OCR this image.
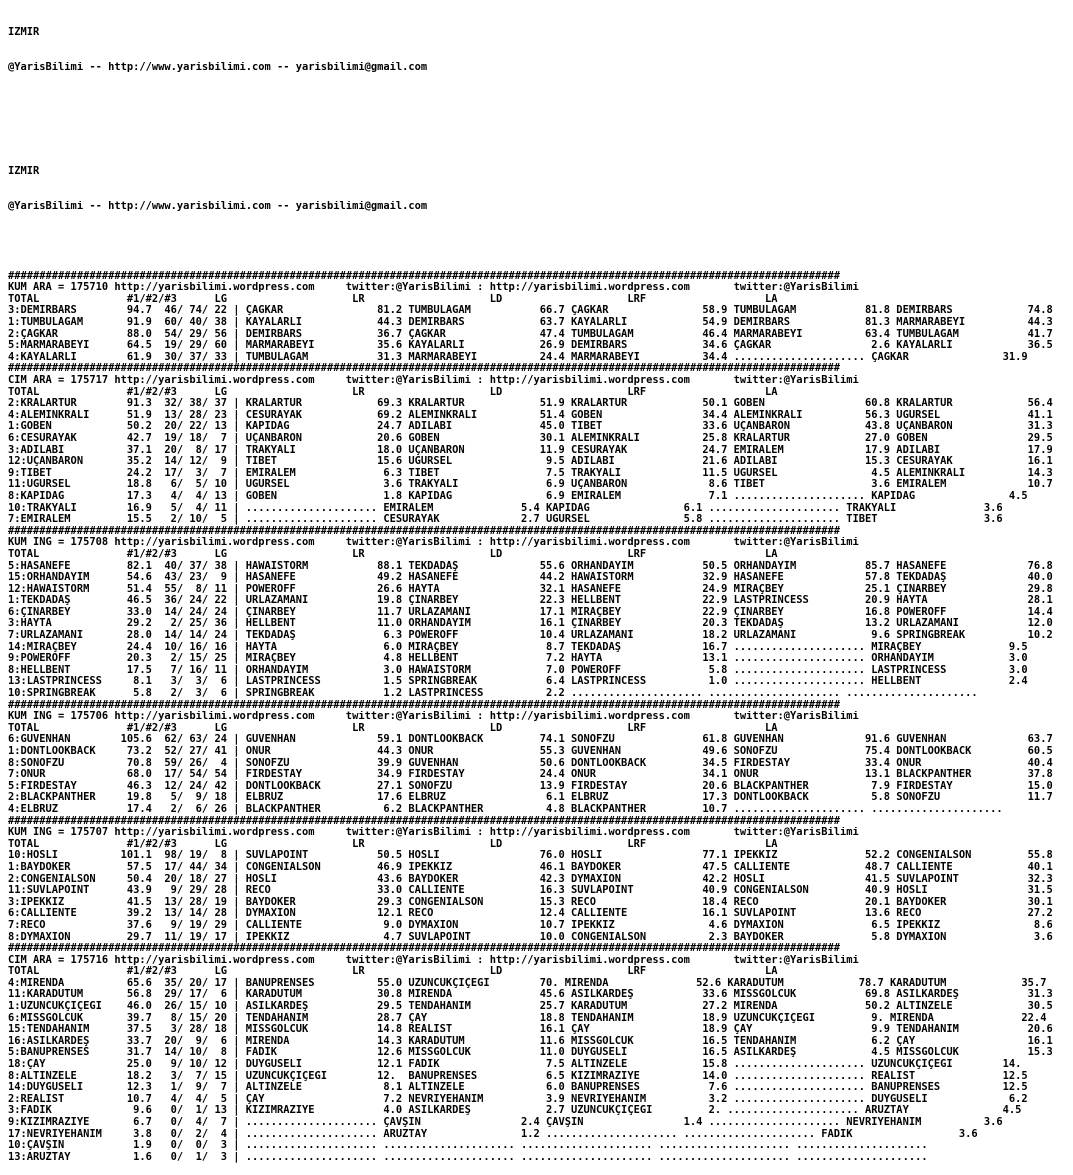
IZMIR

@YarisBilimi -- http://www.yarisbilimi.com -- yarisbilimi@gmail.com

IZMIR

@YarisBilimi -- http://www.yarisbilimi.com -- yarisbilimi@gmail.com

#####################################################################################################################################
KUM ARA = 175710 http://yarisbilimi.wordpress.com     twitter:@YarisBilimi : http://yarisbilimi.wordpress.com       twitter:@YarisBilimi
TOTAL              #1/#2/#3      LG                    LR                    LD                    LRF                   LA
3:DEMİRBARS        94.7  46/ 74/ 22 | ÇAGKAR               81.2 TUMBULAĞAM           66.7 ÇAGKAR               58.9 TUMBULAĞAM           81.8 DEMİRBARS            74.8
1:TUMBULAĞAM       91.9  60/ 40/ 38 | KAYALARLI            44.3 DEMİRBARS            63.7 KAYALARLI            54.9 DEMİRBARS            81.3 MARMARABEYİ          44.3
2:ÇAGKAR           88.0  54/ 29/ 56 | DEMİRBARS            36.7 ÇAGKAR               47.4 TUMBULAĞAM           46.4 MARMARABEYİ          63.4 TUMBULAĞAM           41.7
5:MARMARABEYİ      64.5  19/ 29/ 60 | MARMARABEYİ          35.6 KAYALARLI            26.9 DEMİRBARS            34.6 ÇAGKAR                2.6 KAYALARLI            36.5
4:KAYALARLI        61.9  30/ 37/ 33 | TUMBULAĞAM           31.3 MARMARABEYİ          24.4 MARMARABEYİ          34.4 ..................... ÇAGKAR               31.9
#####################################################################################################################################
CIM ARA = 175717 http://yarisbilimi.wordpress.com     twitter:@YarisBilimi : http://yarisbilimi.wordpress.com       twitter:@YarisBilimi
TOTAL              #1/#2/#3      LG                    LR                    LD                    LRF                   LA
2:KRALARTUR        91.3  32/ 38/ 37 | KRALARTUR            69.3 KRALARTUR            51.9 KRALARTUR            50.1 GOBEN                60.8 KRALARTUR            56.4
4:ALEMİNKRALI      51.9  13/ 28/ 23 | CESURAYAK            69.2 ALEMİNKRALI          51.4 GOBEN                34.4 ALEMİNKRALI          56.3 UGURSEL              41.1
1:GOBEN            50.2  20/ 22/ 13 | KAPIDAĞ              24.7 ADİLABİ              45.0 TİBET                33.6 UÇANBARON            43.8 UÇANBARON            31.3
6:CESURAYAK        42.7  19/ 18/  7 | UÇANBARON            20.6 GOBEN                30.1 ALEMİNKRALI          25.8 KRALARTUR            27.0 GOBEN                29.5
3:ADİLABİ          37.1  20/  8/ 17 | TRAKYALI             18.0 UÇANBARON            11.9 CESURAYAK            24.7 EMİRALEM             17.9 ADİLABİ              17.9
12:UÇANBARON       35.2  14/ 12/  9 | TİBET                15.6 UGURSEL               9.5 ADİLABİ              21.6 ADİLABİ              15.3 CESURAYAK            16.1
9:TİBET            24.2  17/  3/  7 | EMİRALEM              6.3 TİBET                 7.5 TRAKYALI             11.5 UGURSEL               4.5 ALEMİNKRALI          14.3
11:UGURSEL         18.8   6/  5/ 10 | UGURSEL               3.6 TRAKYALI              6.9 UÇANBARON             8.6 TİBET                 3.6 EMİRALEM             10.7
8:KAPIDAĞ          17.3   4/  4/ 13 | GOBEN                 1.8 KAPIDAĞ               6.9 EMİRALEM              7.1 ..................... KAPIDAĞ               4.5
10:TRAKYALI        16.9   5/  4/ 11 | ..................... EMİRALEM              5.4 KAPIDAĞ               6.1 ..................... TRAKYALI              3.6
7:EMİRALEM         15.5   2/ 10/  5 | ..................... CESURAYAK             2.7 UGURSEL               5.8 ..................... TİBET                 3.6
#####################################################################################################################################
KUM ING = 175708 http://yarisbilimi.wordpress.com     twitter:@YarisBilimi : http://yarisbilimi.wordpress.com       twitter:@YarisBilimi
TOTAL              #1/#2/#3      LG                    LR                    LD                    LRF                   LA
5:HASANEFE         82.1  40/ 37/ 38 | HAWAISTORM           88.1 TEKDADAŞ             55.6 ORHANDAYIM           50.5 ORHANDAYIM           85.7 HASANEFE             76.8
15:ORHANDAYIM      54.6  43/ 23/  9 | HASANEFE             49.2 HASANEFE             44.2 HAWAISTORM           32.9 HASANEFE             57.8 TEKDADAŞ             40.0
12:HAWAISTORM      51.4  55/  8/ 11 | POWEROFF             26.6 HAYTA                32.1 HASANEFE             24.9 MİRAÇBEY             25.1 ÇINARBEY             29.8
1:TEKDADAŞ         46.5  36/ 24/ 22 | URLAZAMANI           19.8 ÇINARBEY             22.3 HELLBENT             22.9 LASTPRINCESS         20.9 HAYTA                28.1
6:ÇINARBEY         33.0  14/ 24/ 24 | ÇINARBEY             11.7 URLAZAMANI           17.1 MİRAÇBEY             22.9 ÇINARBEY             16.8 POWEROFF             14.4
3:HAYTA            29.2   2/ 25/ 36 | HELLBENT             11.0 ORHANDAYIM           16.1 ÇINARBEY             20.3 TEKDADAŞ             13.2 URLAZAMANI           12.0
7:URLAZAMANI       28.0  14/ 14/ 24 | TEKDADAŞ              6.3 POWEROFF             10.4 URLAZAMANI           18.2 URLAZAMANI            9.6 SPRINGBREAK          10.2
14:MİRAÇBEY        24.4  10/ 16/ 16 | HAYTA                 6.0 MİRAÇBEY              8.7 TEKDADAŞ             16.7 ..................... MİRAÇBEY              9.5
9:POWEROFF         20.3   2/ 15/ 25 | MİRAÇBEY              4.8 HELLBENT              7.2 HAYTA                13.1 ..................... ORHANDAYIM            3.0
8:HELLBENT         17.5   7/ 16/ 11 | ORHANDAYIM            3.0 HAWAISTORM            7.0 POWEROFF              5.8 ..................... LASTPRINCESS          3.0
13:LASTPRINCESS     8.1   3/  3/  6 | LASTPRINCESS          1.5 SPRINGBREAK           6.4 LASTPRINCESS          1.0 ..................... HELLBENT              2.4
10:SPRINGBREAK      5.8   2/  3/  6 | SPRINGBREAK           1.2 LASTPRINCESS          2.2 ..................... ..................... .....................
#####################################################################################################################################
KUM ING = 175706 http://yarisbilimi.wordpress.com     twitter:@YarisBilimi : http://yarisbilimi.wordpress.com       twitter:@YarisBilimi
TOTAL              #1/#2/#3      LG                    LR                    LD                    LRF                   LA
6:GUVENHAN        105.6  62/ 63/ 24 | GUVENHAN             59.1 DONTLOOKBACK         74.1 SONOFZU              61.8 GUVENHAN             91.6 GUVENHAN             63.7
1:DONTLOOKBACK     73.2  52/ 27/ 41 | ONUR                 44.3 ONUR                 55.3 GUVENHAN             49.6 SONOFZU              75.4 DONTLOOKBACK         60.5
8:SONOFZU          70.8  59/ 26/  4 | SONOFZU              39.9 GUVENHAN             50.6 DONTLOOKBACK         34.5 FİRDESTAY            33.4 ONUR                 40.4
7:ONUR             68.0  17/ 54/ 54 | FİRDESTAY            34.9 FİRDESTAY            24.4 ONUR                 34.1 ONUR                 13.1 BLACKPANTHER         37.8
5:FİRDESTAY        46.3  12/ 24/ 42 | DONTLOOKBACK         27.1 SONOFZU              13.9 FİRDESTAY            20.6 BLACKPANTHER          7.9 FİRDESTAY            15.0
2:BLACKPANTHER     19.8   5/  9/ 18 | ELBRUZ               17.6 ELBRUZ                6.1 ELBRUZ               17.3 DONTLOOKBACK          5.8 SONOFZU              11.7
4:ELBRUZ           17.4   2/  6/ 26 | BLACKPANTHER          6.2 BLACKPANTHER          4.8 BLACKPANTHER         10.7 ..................... .....................
#####################################################################################################################################
KUM ING = 175707 http://yarisbilimi.wordpress.com     twitter:@YarisBilimi : http://yarisbilimi.wordpress.com       twitter:@YarisBilimi
TOTAL              #1/#2/#3      LG                    LR                    LD                    LRF                   LA
10:HOSLİ          101.1  98/ 19/  8 | SUVLAPOINT           50.5 HOSLİ                76.0 HOSLİ                77.1 İPEKKIZ              52.2 CONGENIALSON         55.8
1:BAYDOKER         57.5  17/ 44/ 34 | CONGENIALSON         46.9 İPEKKIZ              46.1 BAYDOKER             47.5 CALLİENTE            48.7 CALLİENTE            40.1
2:CONGENIALSON     50.4  20/ 18/ 27 | HOSLİ                43.6 BAYDOKER             42.3 DYMAXION             42.2 HOSLİ                41.5 SUVLAPOINT           32.3
11:SUVLAPOINT      43.9   9/ 29/ 28 | RECO                 33.0 CALLİENTE            16.3 SUVLAPOINT           40.9 CONGENIALSON         40.9 HOSLİ                31.5
3:İPEKKIZ          41.5  13/ 28/ 19 | BAYDOKER             29.3 CONGENIALSON         15.3 RECO                 18.4 RECO                 20.1 BAYDOKER             30.1
6:CALLİENTE        39.2  13/ 14/ 28 | DYMAXION             12.1 RECO                 12.4 CALLİENTE            16.1 SUVLAPOINT           13.6 RECO                 27.2
7:RECO             37.6   9/ 19/ 29 | CALLİENTE             9.0 DYMAXION             10.7 İPEKKIZ               4.6 DYMAXION              6.5 İPEKKIZ               8.6
8:DYMAXION         29.7  11/ 19/ 17 | İPEKKIZ               4.7 SUVLAPOINT           10.0 CONGENIALSON          2.3 BAYDOKER              5.8 DYMAXION              3.6
#####################################################################################################################################
CIM ARA = 175716 http://yarisbilimi.wordpress.com     twitter:@YarisBilimi : http://yarisbilimi.wordpress.com       twitter:@YarisBilimi
TOTAL              #1/#2/#3      LG                    LR                    LD                    LRF                   LA
4:MİRENDA          65.6  35/ 20/ 17 | BANUPRENSES          55.0 UZUNCUKÇİÇEĞİ        70. MİRENDA              52.6 KARADUTUM            78.7 KARADUTUM            35.7
11:KARADUTUM       56.8  29/ 17/  6 | KARADUTUM            30.8 MİRENDA              45.6 ASİLKARDEŞ           33.6 MİSSGOLCÜK           69.8 ASİLKARDEŞ           31.3
1:UZUNCUKÇİÇEĞİ    46.0  26/ 15/ 10 | ASİLKARDEŞ           29.5 TENDAHANIM           25.7 KARADUTUM            27.2 MİRENDA              50.2 ALTINZELE            30.5
6:MİSSGOLCÜK       39.7   8/ 15/ 20 | TENDAHANIM           28.7 ÇAY                  18.8 TENDAHANIM           18.9 UZUNCUKÇİÇEĞİ         9. MİRENDA              22.4
15:TENDAHANIM      37.5   3/ 28/ 18 | MİSSGOLCÜK           14.8 REALİST              16.1 ÇAY                  18.9 ÇAY                   9.9 TENDAHANIM           20.6
16:ASİLKARDEŞ      33.7  20/  9/  6 | MİRENDA              14.3 KARADUTUM            11.6 MİSSGOLCÜK           16.5 TENDAHANIM            6.2 ÇAY                  16.1
5:BANUPRENSES      31.7  14/ 10/  8 | FADİK                12.6 MİSSGOLCÜK           11.0 DUYGUSELİ            16.5 ASİLKARDEŞ            4.5 MİSSGOLCÜK           15.3
18:ÇAY             25.0   9/ 10/ 12 | DUYGUSELİ            12.1 FADİK                 7.5 ALTINZELE            15.8 ..................... UZUNCUKÇİÇEĞİ        14.
8:ALTINZELE        18.2   3/  7/ 15 | UZUNCUKÇİÇEĞİ        12.  BANUPRENSES           6.5 KIZIMRAZİYE          14.0 ..................... REALİST              12.5
14:DUYGUSELİ       12.3   1/  9/  7 | ALTINZELE             8.1 ALTINZELE             6.0 BANUPRENSES           7.6 ..................... BANUPRENSES          12.5
2:REALİST          10.7   4/  4/  5 | ÇAY                   7.2 NEVRİYEHANIM          3.9 NEVRİYEHANIM          3.2 ..................... DUYGUSELİ             6.2
3:FADİK             9.6   0/  1/ 13 | KIZIMRAZİYE           4.0 ASİLKARDEŞ            2.7 UZUNCUKÇİÇEĞİ         2. ..................... ARUZTAY               4.5
9:KIZIMRAZİYE       6.7   0/  4/  7 | ..................... ÇAVŞIN                2.4 ÇAVŞIN                1.4 ..................... NEVRİYEHANIM          3.6
17:NEVRİYEHANIM     3.8   0/  2/  4 | ..................... ARUZTAY               1.2 ..................... ..................... FADİK                 3.6
10:ÇAVŞIN           1.9   0/  0/  3 | ..................... ..................... ..................... ..................... .....................
13:ARUZTAY          1.6   0/  1/  3 | ..................... ..................... ..................... ..................... .....................
